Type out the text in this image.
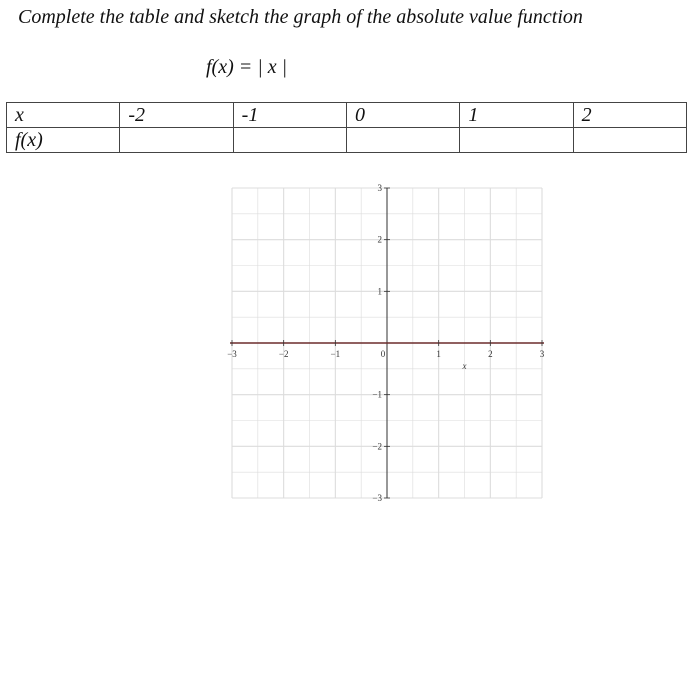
Complete the table and sketch the graph of the absolute value function
f(x) = | x |
x	-2	-1	0	1	2
f(x)					
−3	−2	−1	0	1	2	3
3
2
1
−1
−2
−3
x
